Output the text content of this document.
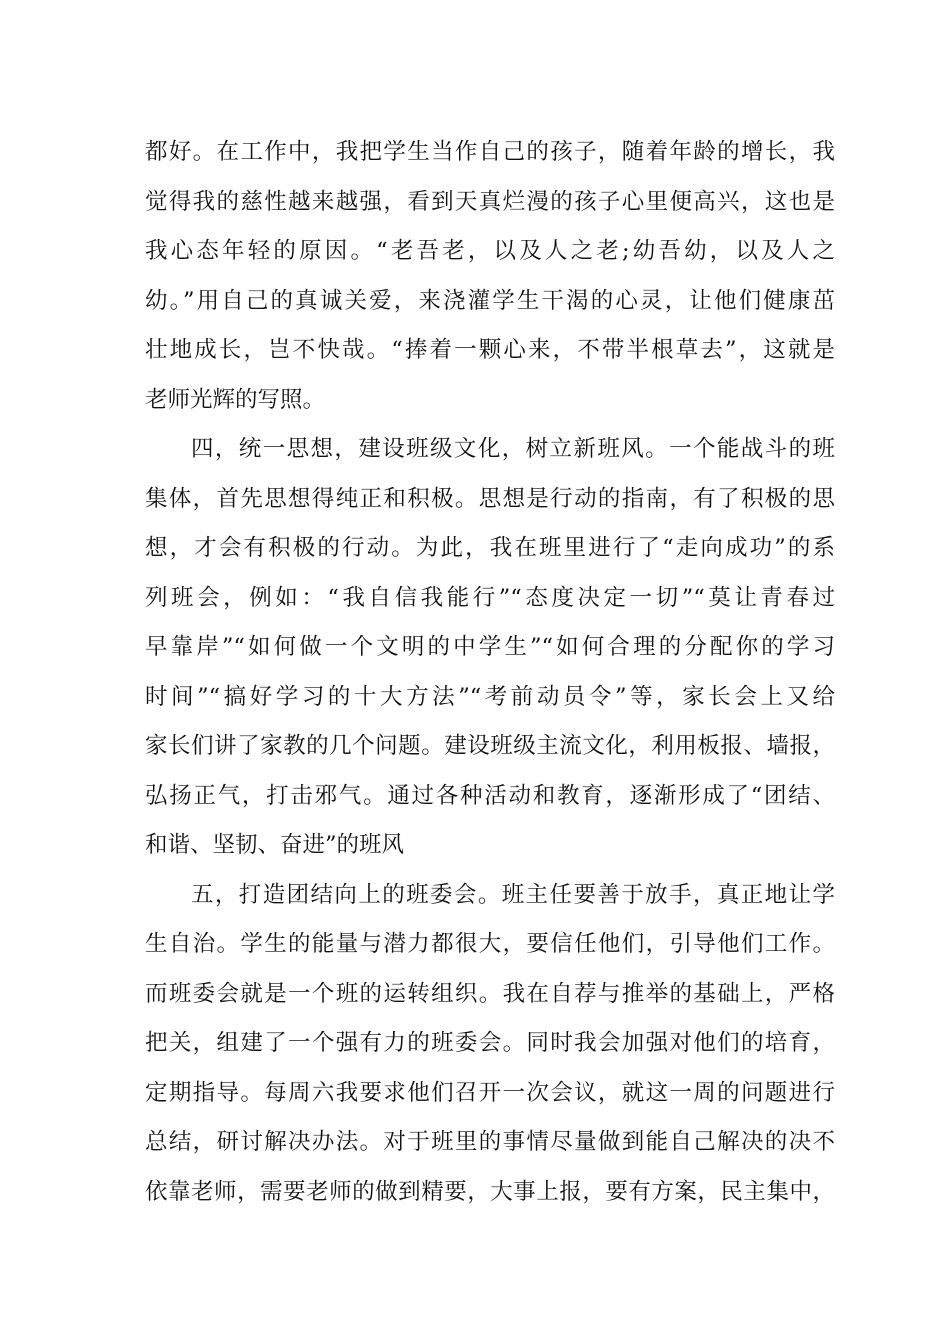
都好。在工作中，我把学生当作自己的孩子，随着年龄的增长，我
觉得我的慈性越来越强，看到天真烂漫的孩子心里便高兴，这也是
我心态年轻的原因。“老吾老，以及人之老;幼吾幼，以及人之
幼。”用自己的真诚关爱，来浇灌学生干渴的心灵，让他们健康茁
壮地成长，岂不快哉。“捧着一颗心来，不带半根草去”，这就是
老师光辉的写照。
四，统一思想，建设班级文化，树立新班风。一个能战斗的班
集体，首先思想得纯正和积极。思想是行动的指南，有了积极的思
想，才会有积极的行动。为此，我在班里进行了“走向成功”的系
列班会，例如：“我自信我能行”“态度决定一切”“莫让青春过
早靠岸”“如何做一个文明的中学生”“如何合理的分配你的学习
时间”“搞好学习的十大方法”“考前动员令”等，家长会上又给
家长们讲了家教的几个问题。建设班级主流文化，利用板报、墙报，
弘扬正气，打击邪气。通过各种活动和教育，逐渐形成了“团结、
和谐、坚韧、奋进”的班风
五，打造团结向上的班委会。班主任要善于放手，真正地让学
生自治。学生的能量与潜力都很大，要信任他们，引导他们工作。
而班委会就是一个班的运转组织。我在自荐与推举的基础上，严格
把关，组建了一个强有力的班委会。同时我会加强对他们的培育，
定期指导。每周六我要求他们召开一次会议，就这一周的问题进行
总结，研讨解决办法。对于班里的事情尽量做到能自己解决的决不
依靠老师，需要老师的做到精要，大事上报，要有方案，民主集中，
